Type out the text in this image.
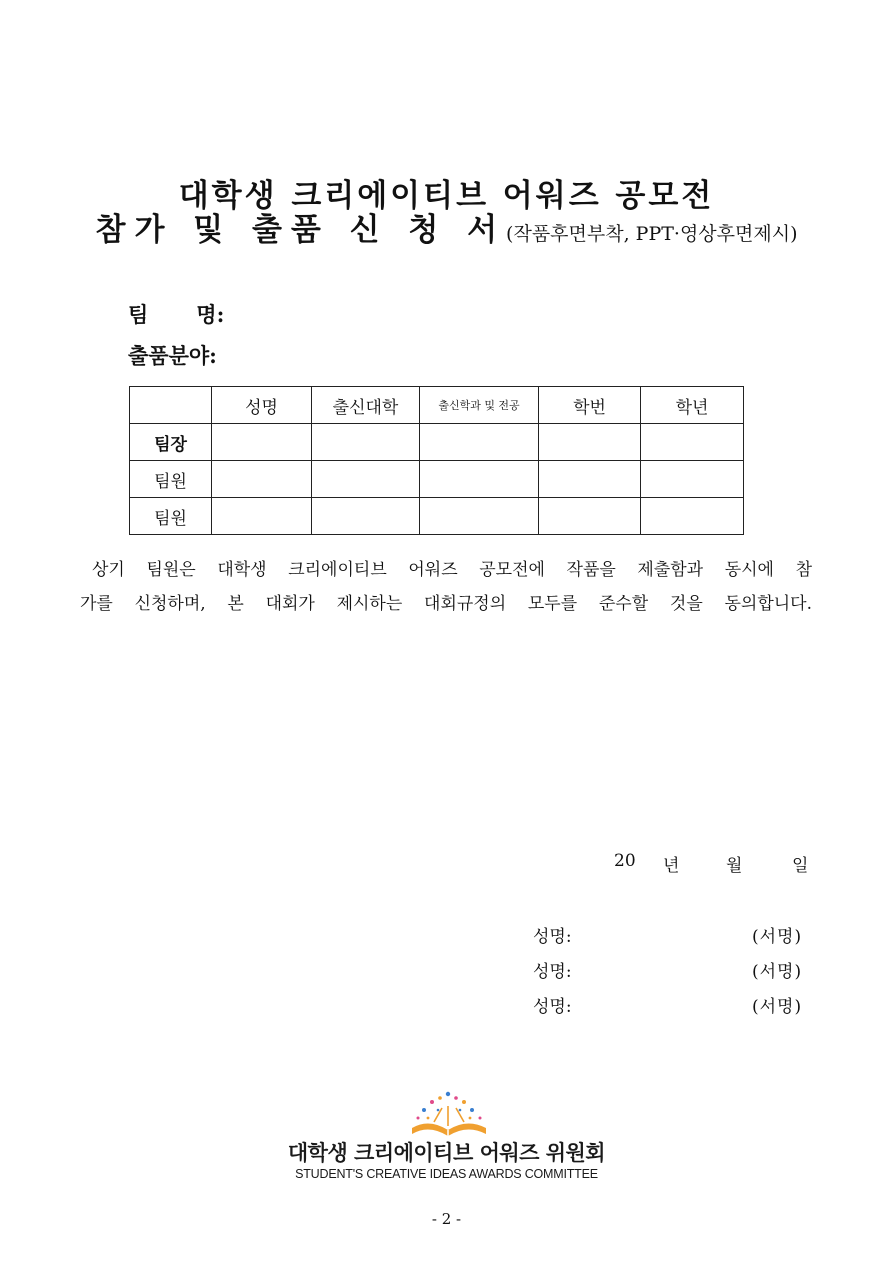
대학생 크리에이티브 어워즈 공모전
참가 및 출품 신 청 서(작품후면부착, PPT·영상후면제시)
팀 명:
출품분야:
	성명	출신대학	출신학과 및 전공	학번	학년
팀장					
팀원					
팀원					
상기 팀원은 대학생 크리에이티브 어워즈 공모전에 작품을 제출함과 동시에 참
가를 신청하며, 본 대회가 제시하는 대회규정의 모두를 준수할 것을 동의합니다.
20 년	월	일
성명:	(서명)
성명:	(서명)
성명:	(서명)
대학생 크리에이티브 어워즈 위원회
STUDENT'S CREATIVE IDEAS AWARDS COMMITTEE
- 2 -
